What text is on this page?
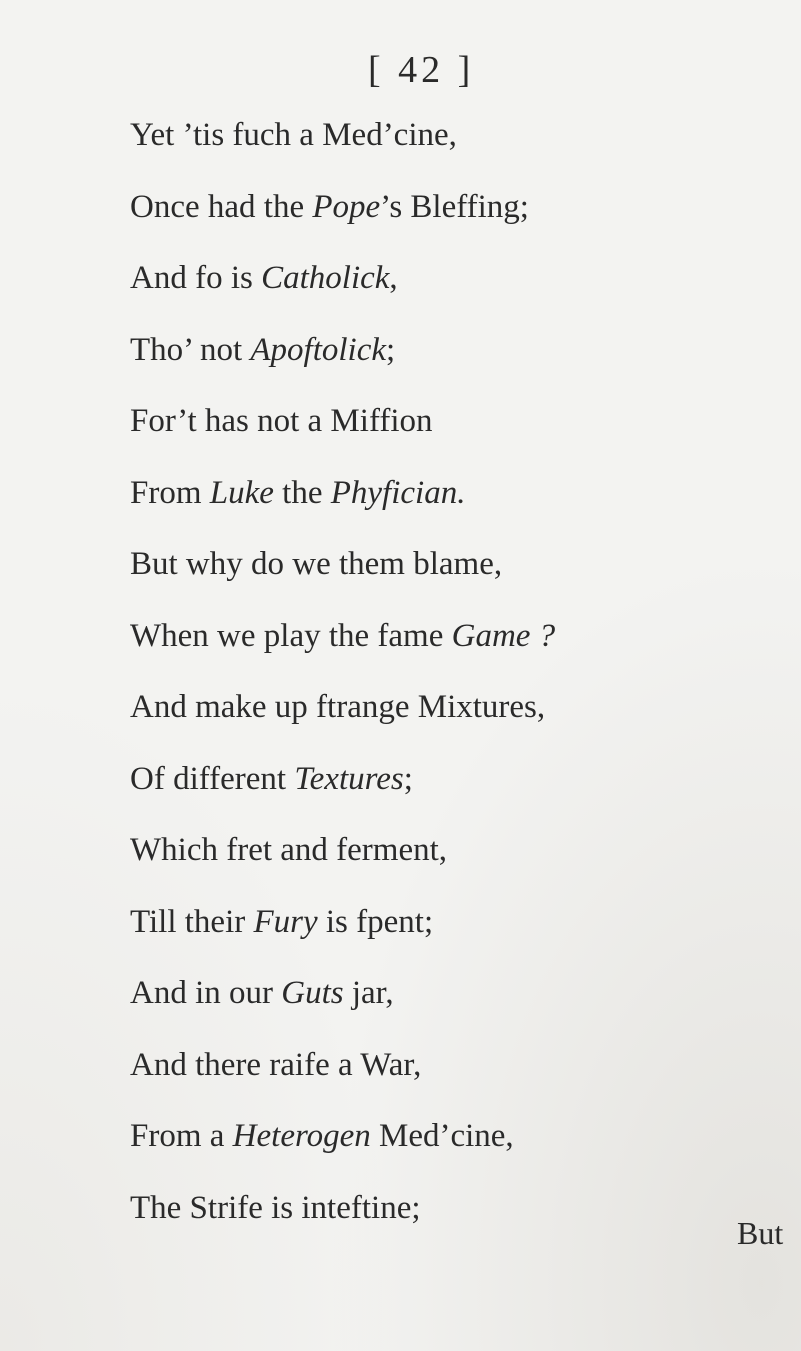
[ 42 ]
Yet ’tis fuch a Med’cine,
Once had the Pope’s Bleffing;
And fo is Catholick,
Tho’ not Apoftolick;
For’t has not a Miffion
From Luke the Phyfician.
But why do we them blame,
When we play the fame Game ?
And make up ftrange Mixtures,
Of different Textures;
Which fret and ferment,
Till their Fury is fpent;
And in our Guts jar,
And there raife a War,
From a Heterogen Med’cine,
The Strife is inteftine;
But
